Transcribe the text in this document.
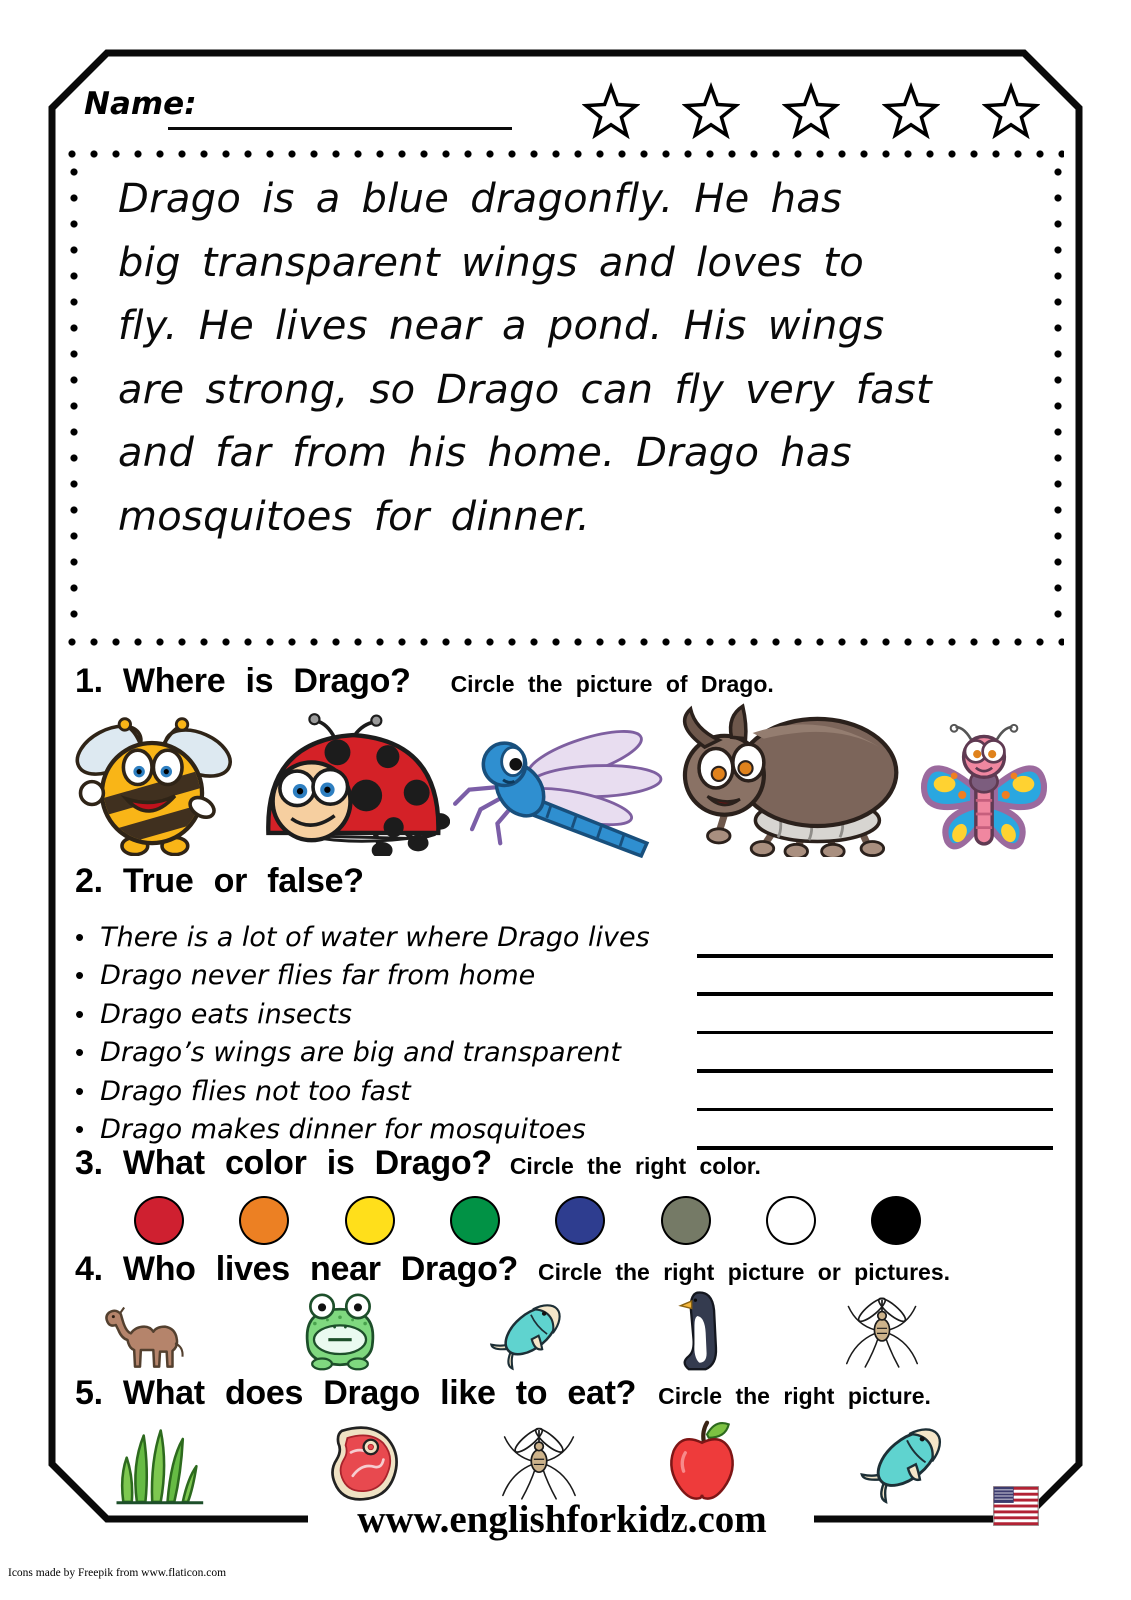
Name:
Drago is a blue dragonfly. He has
big transparent wings and loves to
fly. He lives near a pond. His wings
are strong, so Drago can fly very fast
and far from his home. Drago has
mosquitoes for dinner.
1. Where is Drago? Circle the picture of Drago.
2. True or false?
• There is a lot of water where Drago lives
• Drago never flies far from home
• Drago eats insects
• Drago’s wings are big and transparent
• Drago flies not too fast
• Drago makes dinner for mosquitoes
3. What color is Drago? Circle the right color.
4. Who lives near Drago? Circle the right picture or pictures.
5. What does Drago like to eat? Circle the right picture.
www.englishforkidz.com
Icons made by Freepik from www.flaticon.com
